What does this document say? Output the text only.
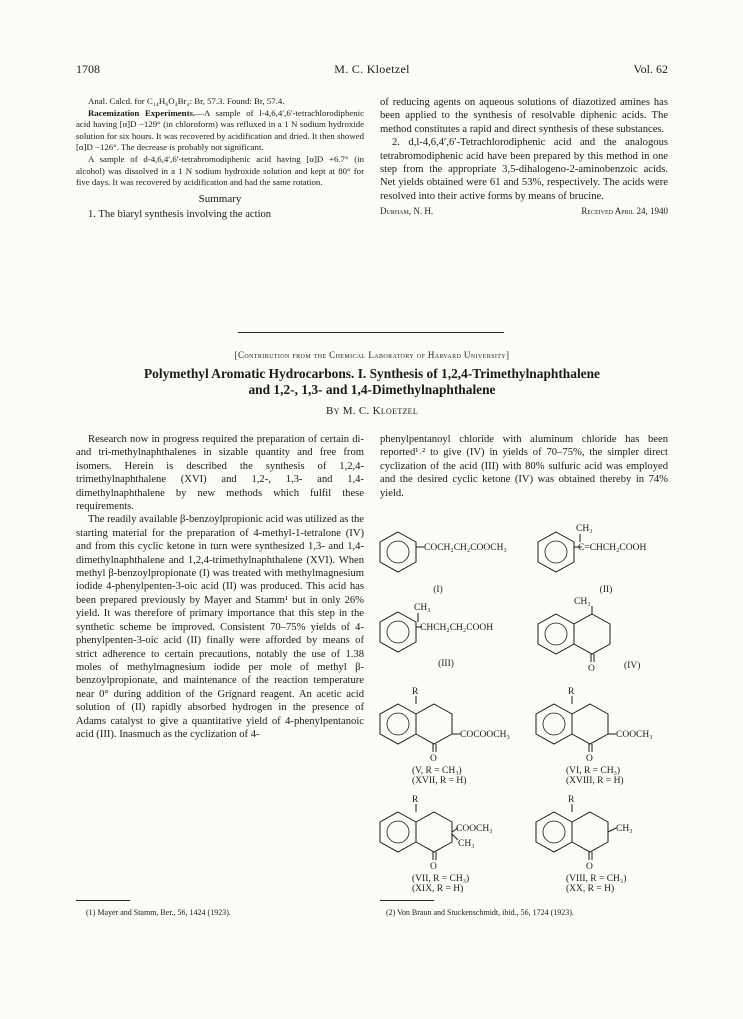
1708	M. C. Kloetzel	Vol. 62

Anal. Calcd. for C₁₄H₆O₄Br₄: Br, 57.3. Found: Br, 57.4.

Racemization Experiments.—A sample of l-4,6,4′,6′-tetrachlorodiphenic acid having [α]D −129° (in chloroform) was refluxed in a 1 N sodium hydroxide solution for six hours. It was recovered by acidification and dried. It then showed [α]D −126°. The decrease is probably not significant.

A sample of d-4,6,4′,6′-tetrabromodiphenic acid having [α]D +6.7° (in alcohol) was dissolved in a 1 N sodium hydroxide solution and kept at 80° for five days. It was recovered by acidification and had the same rotation.

Summary

1. The biaryl synthesis involving the action

of reducing agents on aqueous solutions of diazotized amines has been applied to the synthesis of resolvable diphenic acids. The method constitutes a rapid and direct synthesis of these substances.

2. d,l-4,6,4′,6′-Tetrachlorodiphenic acid and the analogous tetrabromodiphenic acid have been prepared by this method in one step from the appropriate 3,5-dihalogeno-2-aminobenzoic acids. Net yields obtained were 61 and 53%, respectively. The acids were resolved into their active forms by means of brucine.

Durham, N. H.	Received April 24, 1940
[Contribution from the Chemical Laboratory of Harvard University]
Polymethyl Aromatic Hydrocarbons. I. Synthesis of 1,2,4-Trimethylnaphthalene
and 1,2-, 1,3- and 1,4-Dimethylnaphthalene
By M. C. Kloetzel

Research now in progress required the preparation of certain di- and tri-methylnaphthalenes in sizable quantity and free from isomers. Herein is described the synthesis of 1,2,4-trimethylnaphthalene (XVI) and 1,2-, 1,3- and 1,4-dimethylnaphthalene by new methods which fulfil these requirements.

The readily available β-benzoylpropionic acid was utilized as the starting material for the preparation of 4-methyl-1-tetralone (IV) and from this cyclic ketone in turn were synthesized 1,3- and 1,4-dimethylnaphthalene and 1,2,4-trimethylnaphthalene (XVI). When methyl β-benzoylpropionate (I) was treated with methylmagnesium iodide 4-phenylpenten-3-oic acid (II) was produced. This acid has been prepared previously by Mayer and Stamm¹ but in only 26% yield. It was therefore of primary importance that this step in the synthetic scheme be improved. Consistent 70–75% yields of 4-phenylpenten-3-oic acid (II) finally were afforded by means of strict adherence to certain precautions, notably the use of 1.38 moles of methylmagnesium iodide per mole of methyl β-benzoylpropionate, and maintenance of the reaction temperature near 0° during addition of the Grignard reagent. An acetic acid solution of (II) rapidly absorbed hydrogen in the presence of Adams catalyst to give a quantitative yield of 4-phenylpentanoic acid (III). Inasmuch as the cyclization of 4-

(1) Mayer and Stamm, Ber., 56, 1424 (1923).

phenylpentanoyl chloride with aluminum chloride has been reported¹˒² to give (IV) in yields of 70–75%, the simpler direct cyclization of the acid (III) with 80% sulfuric acid was employed and the desired cyclic ketone (IV) was obtained thereby in 74% yield.

(2) Von Braun and Stuckenschmidt, ibid., 56, 1724 (1923).
COCH₂CH₂COOCH₃
(I)
CH₃
C=CHCH₂COOH
(II)
CH₃
CHCH₂CH₂COOH
(III)
CH₃
O	(IV)
R
COCOOCH₃
O
(V, R = CH₃)
(XVII, R = H)
R
COOCH₃
O
(VI, R = CH₃)
(XVIII, R = H)
R
COOCH₃
CH₃
O
(VII, R = CH₃)
(XIX, R = H)
R
CH₃
O
(VIII, R = CH₃)
(XX, R = H)
